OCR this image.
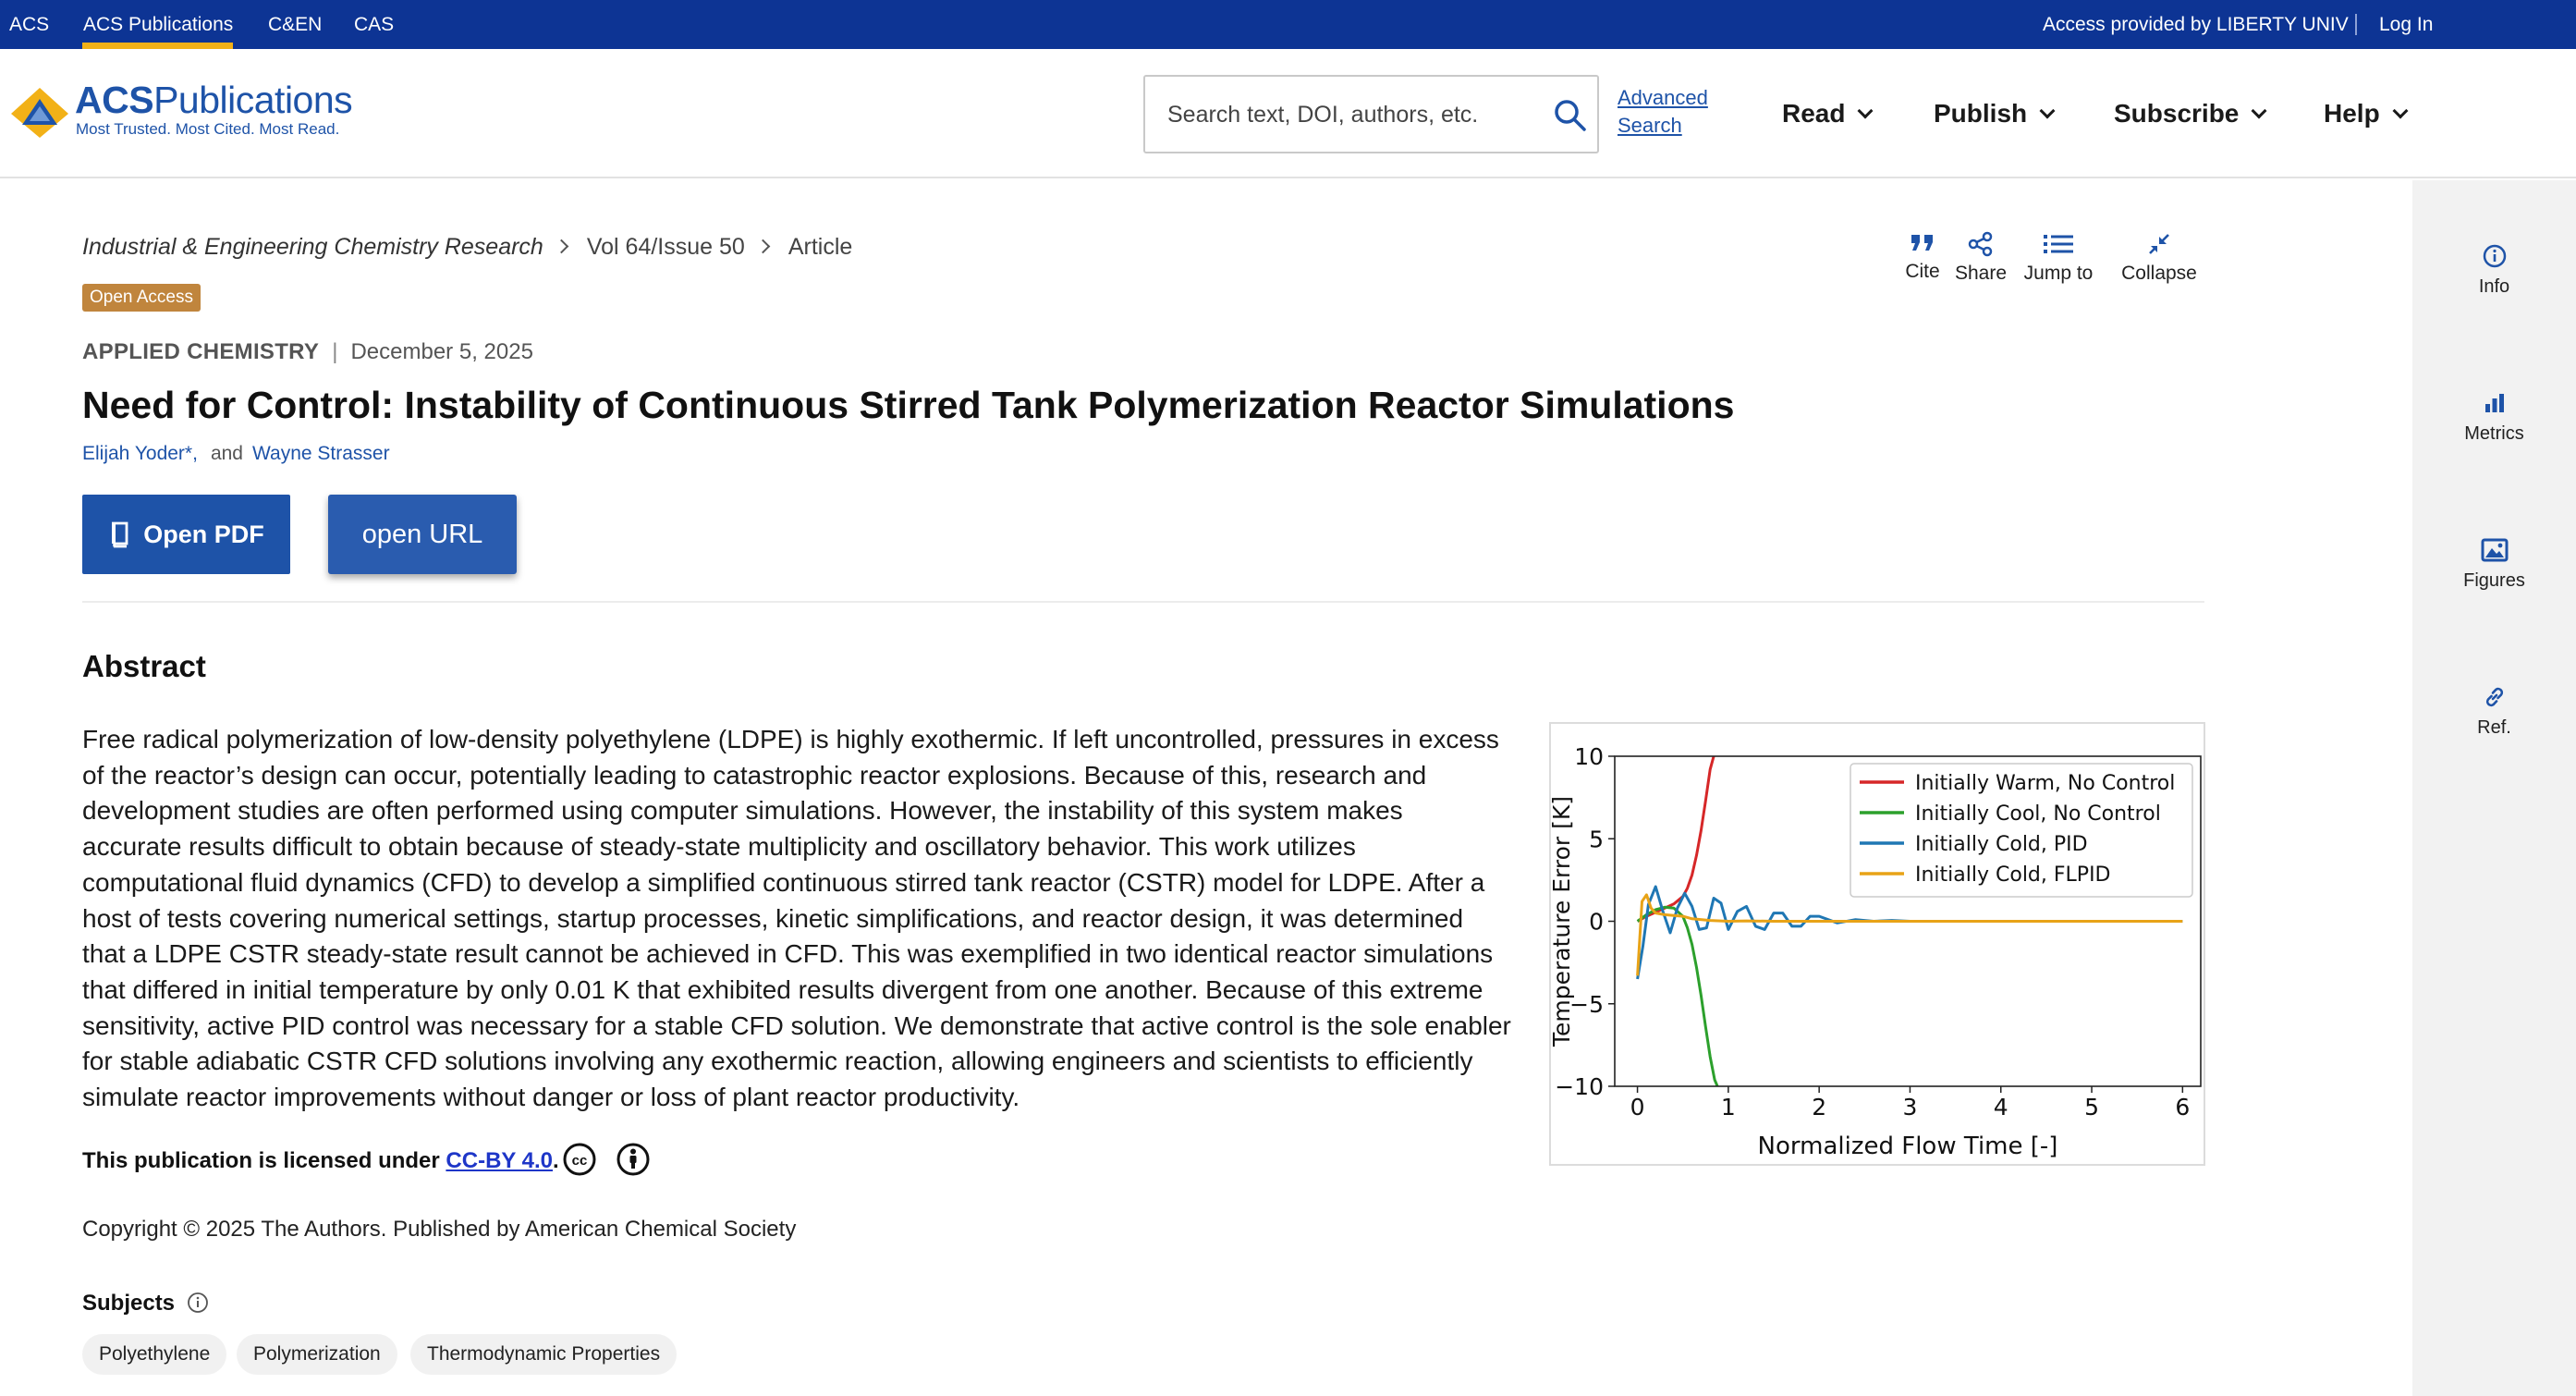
ACS ACS Publications C&EN CAS	Access provided by LIBERTY UNIV Log In
ACSPublications
Most Trusted. Most Cited. Most Read.
Search text, DOI, authors, etc.
Advanced
Search	Read	Publish	Subscribe	Help
Info
Metrics
Figures
Ref.
Industrial & Engineering Chemistry Research Vol 64/Issue 50 Article
Open Access
APPLIED CHEMISTRY | December 5, 2025
Need for Control: Instability of Continuous Stirred Tank Polymerization Reactor Simulations
Elijah Yoder*, and Wayne Strasser
Open PDF	open URL
Cite Share Jump to	Collapse
Abstract
Free radical polymerization of low-density polyethylene (LDPE) is highly exothermic. If left uncontrolled, pressures in excess
of the reactor’s design can occur, potentially leading to catastrophic reactor explosions. Because of this, research and
development studies are often performed using computer simulations. However, the instability of this system makes
accurate results difficult to obtain because of steady-state multiplicity and oscillatory behavior. This work utilizes
computational fluid dynamics (CFD) to develop a simplified continuous stirred tank reactor (CSTR) model for LDPE. After a
host of tests covering numerical settings, startup processes, kinetic simplifications, and reactor design, it was determined
that a LDPE CSTR steady-state result cannot be achieved in CFD. This was exemplified in two identical reactor simulations
that differed in initial temperature by only 0.01 K that exhibited results divergent from one another. Because of this extreme
sensitivity, active PID control was necessary for a stable CFD solution. We demonstrate that active control is the sole enabler
for stable adiabatic CSTR CFD solutions involving any exothermic reaction, allowing engineers and scientists to efficiently
simulate reactor improvements without danger or loss of plant reactor productivity.	0	1	2	3	4	5	6
10
5
0
−5
−10
Normalized Flow Time [-]
Temperature Error [K]
Initially Warm, No Control
Initially Cool, No Control
Initially Cold, PID
Initially Cold, FLPID
This publication is licensed under CC-BY 4.0. cc
Copyright © 2025 The Authors. Published by American Chemical Society
Subjects
Polyethylene	Polymerization	Thermodynamic Properties
